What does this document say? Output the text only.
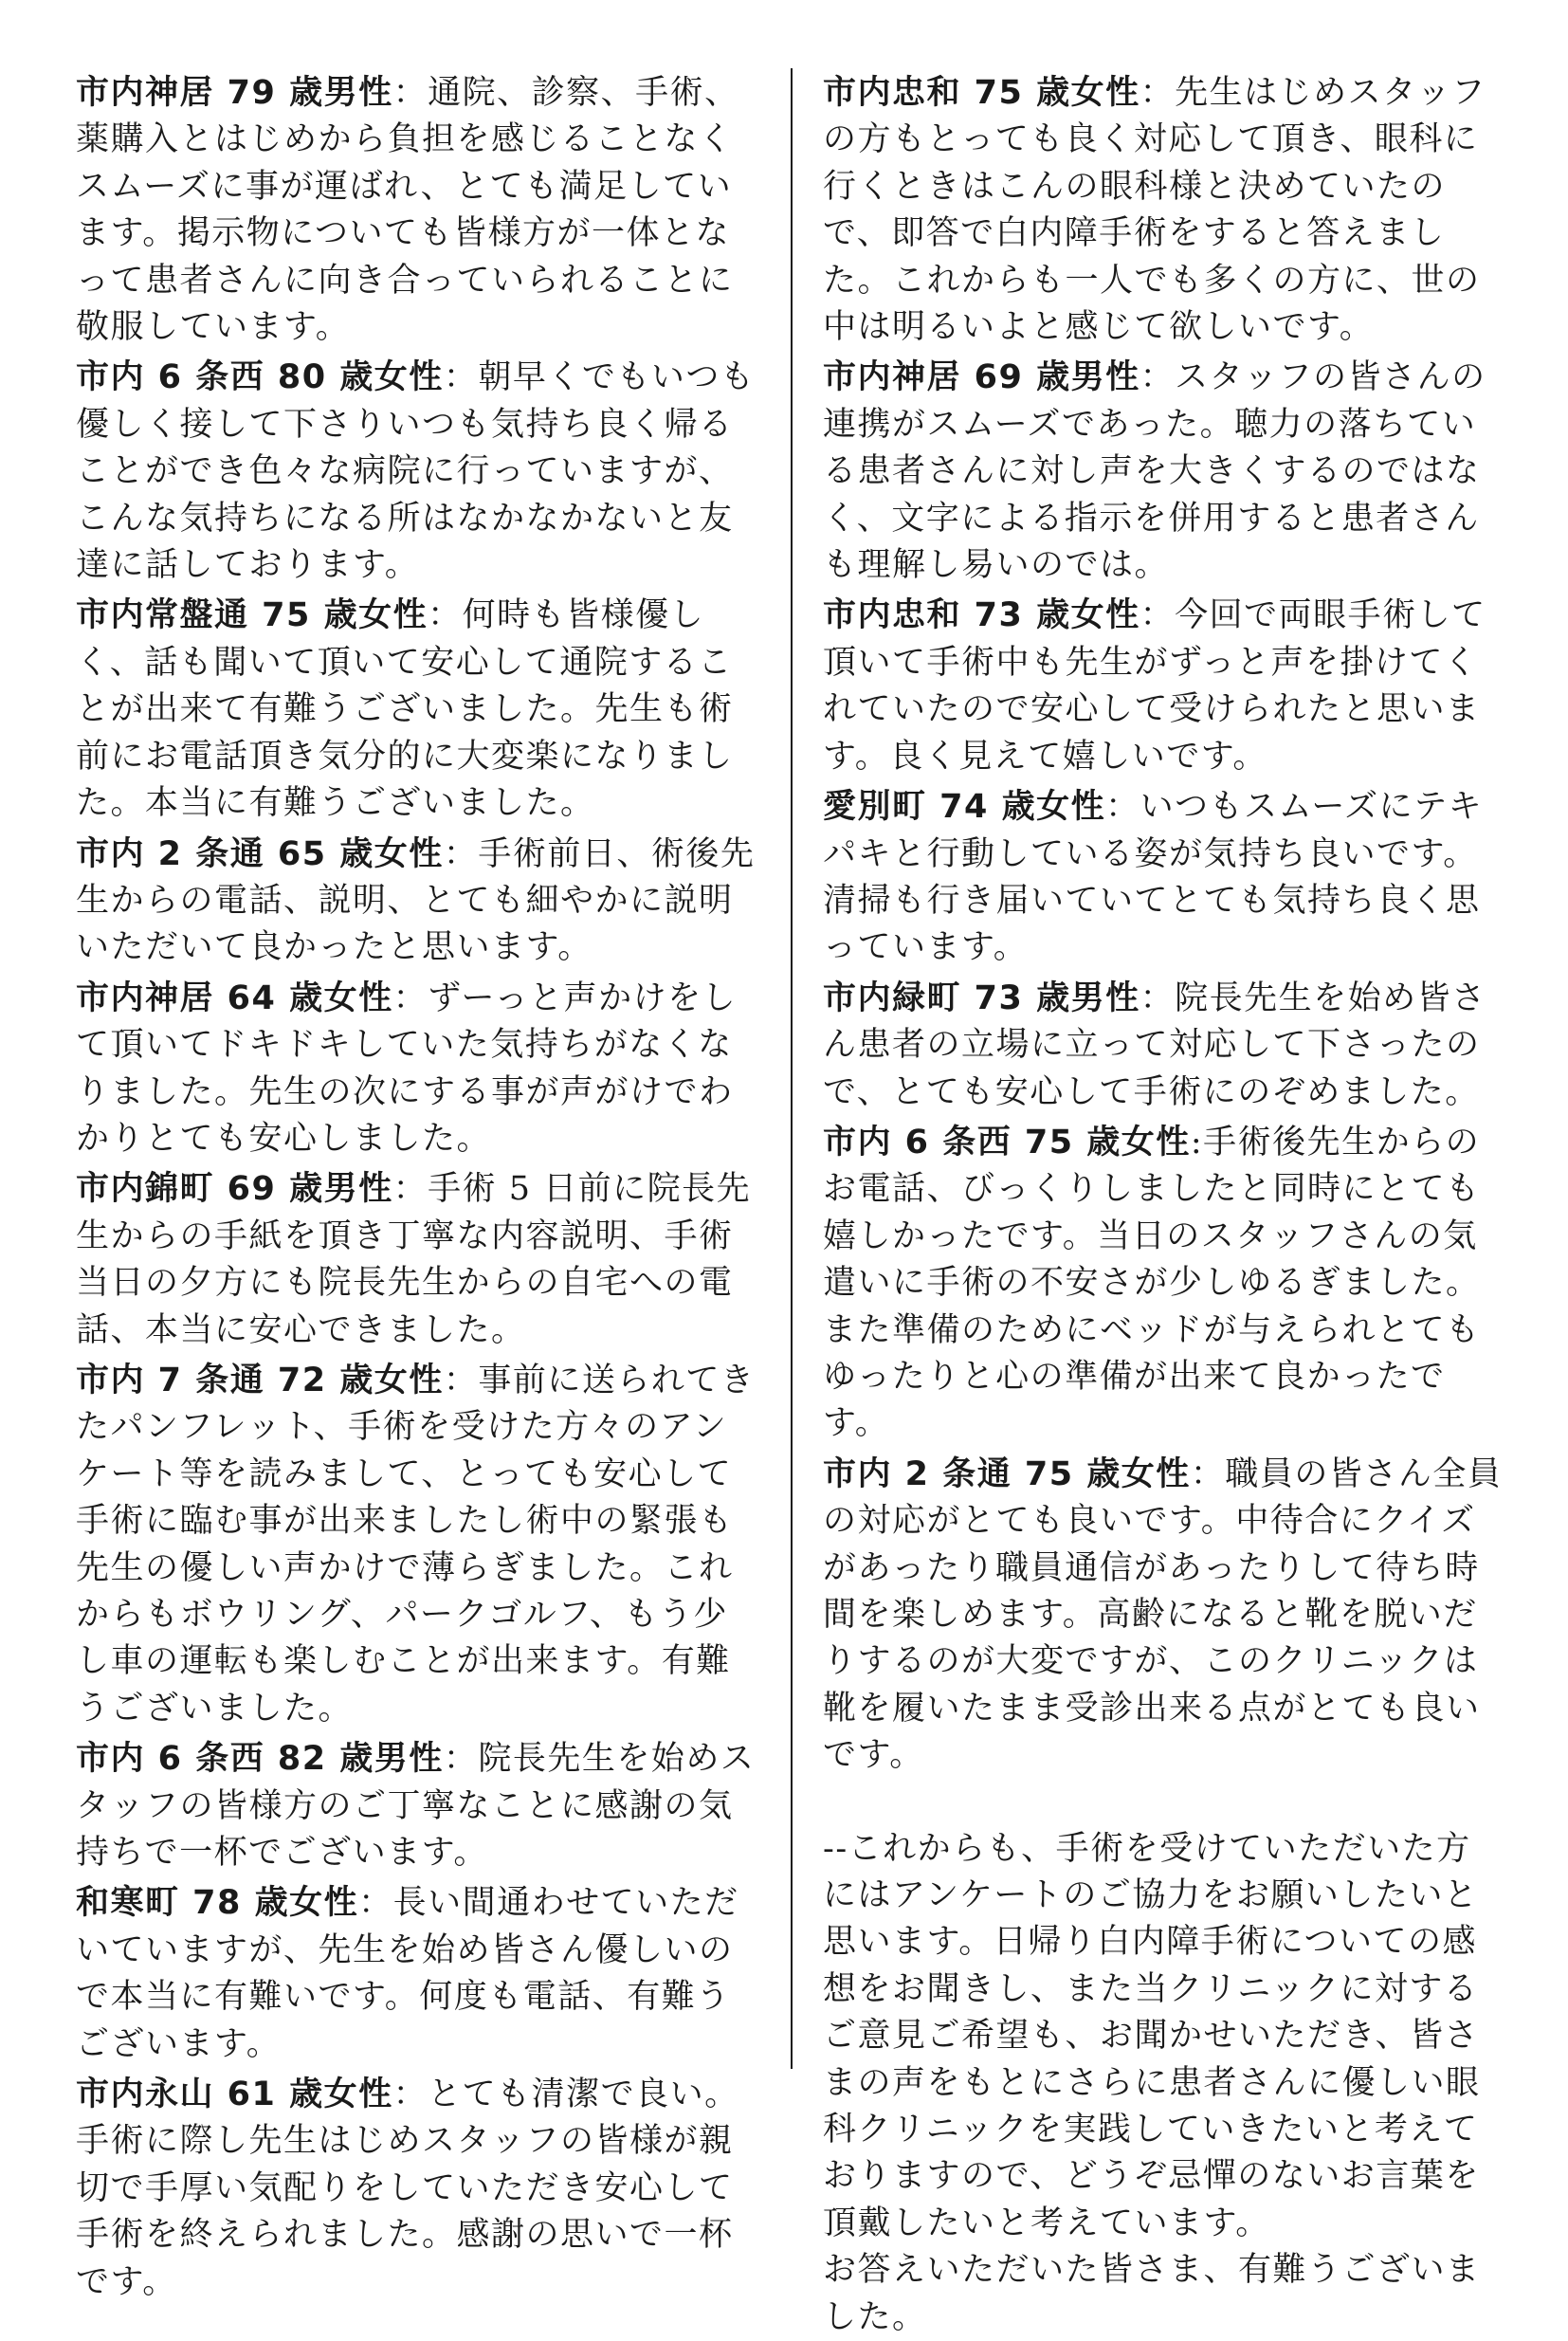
市内神居 79 歳男性：通院、診察、手術、薬購入とはじめから負担を感じることなくスムーズに事が運ばれ、とても満足しています。掲示物についても皆様方が一体となって患者さんに向き合っていられることに敬服しています。
市内 6 条西 80 歳女性：朝早くでもいつも優しく接して下さりいつも気持ち良く帰ることができ色々な病院に行っていますが、こんな気持ちになる所はなかなかないと友達に話しております。
市内常盤通 75 歳女性：何時も皆様優しく、話も聞いて頂いて安心して通院することが出来て有難うございました。先生も術前にお電話頂き気分的に大変楽になりました。本当に有難うございました。
市内 2 条通 65 歳女性：手術前日、術後先生からの電話、説明、とても細やかに説明いただいて良かったと思います。
市内神居 64 歳女性：ずーっと声かけをして頂いてドキドキしていた気持ちがなくなりました。先生の次にする事が声がけでわかりとても安心しました。
市内錦町 69 歳男性：手術 5 日前に院長先生からの手紙を頂き丁寧な内容説明、手術当日の夕方にも院長先生からの自宅への電話、本当に安心できました。
市内 7 条通 72 歳女性：事前に送られてきたパンフレット、手術を受けた方々のアンケート等を読みまして、とっても安心して手術に臨む事が出来ましたし術中の緊張も先生の優しい声かけで薄らぎました。これからもボウリング、パークゴルフ、もう少し車の運転も楽しむことが出来ます。有難うございました。
市内 6 条西 82 歳男性：院長先生を始めスタッフの皆様方のご丁寧なことに感謝の気持ちで一杯でございます。
和寒町 78 歳女性：長い間通わせていただいていますが、先生を始め皆さん優しいので本当に有難いです。何度も電話、有難うございます。
市内永山 61 歳女性：とても清潔で良い。手術に際し先生はじめスタッフの皆様が親切で手厚い気配りをしていただき安心して手術を終えられました。感謝の思いで一杯です。
市内忠和 75 歳女性：先生はじめスタッフの方もとっても良く対応して頂き、眼科に行くときはこんの眼科様と決めていたので、即答で白内障手術をすると答えました。これからも一人でも多くの方に、世の中は明るいよと感じて欲しいです。
市内神居 69 歳男性：スタッフの皆さんの連携がスムーズであった。聴力の落ちている患者さんに対し声を大きくするのではなく、文字による指示を併用すると患者さんも理解し易いのでは。
市内忠和 73 歳女性：今回で両眼手術して頂いて手術中も先生がずっと声を掛けてくれていたので安心して受けられたと思います。良く見えて嬉しいです。
愛別町 74 歳女性：いつもスムーズにテキパキと行動している姿が気持ち良いです。清掃も行き届いていてとても気持ち良く思っています。
市内緑町 73 歳男性：院長先生を始め皆さん患者の立場に立って対応して下さったので、とても安心して手術にのぞめました。
市内 6 条西 75 歳女性:手術後先生からのお電話、びっくりしましたと同時にとても嬉しかったです。当日のスタッフさんの気遣いに手術の不安さが少しゆるぎました。また準備のためにベッドが与えられとてもゆったりと心の準備が出来て良かったです。
市内 2 条通 75 歳女性：職員の皆さん全員の対応がとても良いです。中待合にクイズがあったり職員通信があったりして待ち時間を楽しめます。高齢になると靴を脱いだりするのが大変ですが、このクリニックは靴を履いたまま受診出来る点がとても良いです。

--これからも、手術を受けていただいた方にはアンケートのご協力をお願いしたいと思います。日帰り白内障手術についての感想をお聞きし、また当クリニックに対するご意見ご希望も、お聞かせいただき、皆さまの声をもとにさらに患者さんに優しい眼科クリニックを実践していきたいと考えておりますので、どうぞ忌憚のないお言葉を頂戴したいと考えています。

お答えいただいた皆さま、有難うございました。
